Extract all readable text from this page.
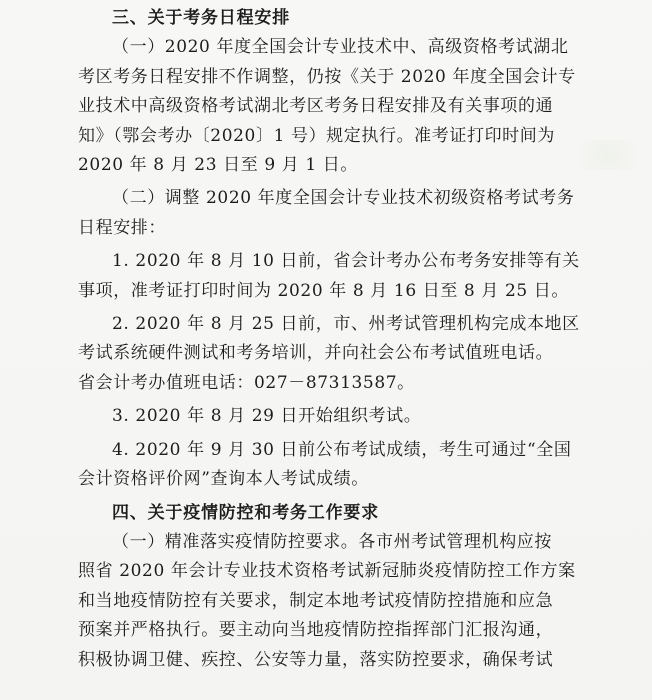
三、关于考务日程安排

（一）2020 年度全国会计专业技术中、高级资格考试湖北

考区考务日程安排不作调整，仍按《关于 2020 年度全国会计专

业技术中高级资格考试湖北考区考务日程安排及有关事项的通

知》（鄂会考办〔2020〕1 号）规定执行。准考证打印时间为

2020 年 8 月 23 日至 9 月 1 日。

（二）调整 2020 年度全国会计专业技术初级资格考试考务

日程安排：

1. 2020 年 8 月 10 日前，省会计考办公布考务安排等有关

事项，准考证打印时间为 2020 年 8 月 16 日至 8 月 25 日。

2. 2020 年 8 月 25 日前，市、州考试管理机构完成本地区

考试系统硬件测试和考务培训，并向社会公布考试值班电话。

省会计考办值班电话：027－87313587。

3. 2020 年 8 月 29 日开始组织考试。

4. 2020 年 9 月 30 日前公布考试成绩，考生可通过“全国

会计资格评价网”查询本人考试成绩。

四、关于疫情防控和考务工作要求

（一）精准落实疫情防控要求。各市州考试管理机构应按

照省 2020 年会计专业技术资格考试新冠肺炎疫情防控工作方案

和当地疫情防控有关要求，制定本地考试疫情防控措施和应急

预案并严格执行。要主动向当地疫情防控指挥部门汇报沟通，

积极协调卫健、疾控、公安等力量，落实防控要求，确保考试
